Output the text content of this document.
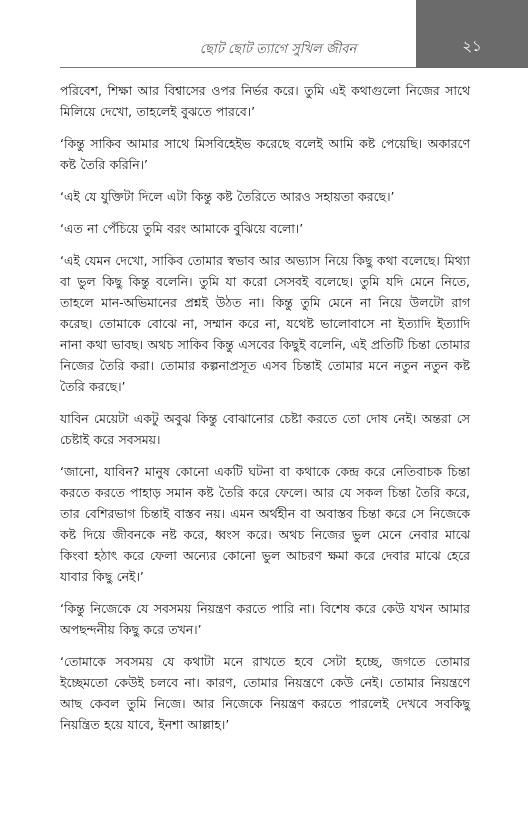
ছোট ছোট ত্যাগে সুখিল জীবন	২১

পরিবেশ, শিক্ষা আর বিশ্বাসের ওপর নির্ভর করে। তুমি এই কথাগুলো নিজের সাথে মিলিয়ে দেখো, তাহলেই বুঝতে পারবে।’

‘কিন্তু সাকিব আমার সাথে মিসবিহেইভ করেছে বলেই আমি কষ্ট পেয়েছি। অকারণে কষ্ট তৈরি করিনি।’

‘এই যে যুক্তিটা দিলে এটা কিন্তু কষ্ট তৈরিতে আরও সহায়তা করছে।’

‘এত না পেঁচিয়ে তুমি বরং আমাকে বুঝিয়ে বলো।’

‘এই যেমন দেখো, সাকিব তোমার স্বভাব আর অভ্যাস নিয়ে কিছু কথা বলেছে। মিথ্যা বা ভুল কিছু কিন্তু বলেনি। তুমি যা করো সেসবই বলেছে। তুমি যদি মেনে নিতে, তাহলে মান-অভিমানের প্রশ্নই উঠত না। কিন্তু তুমি মেনে না নিয়ে উলটো রাগ করেছ। তোমাকে বোঝে না, সম্মান করে না, যথেষ্ট ভালোবাসে না ইত্যাদি ইত্যাদি নানা কথা ভাবছ। অথচ সাকিব কিন্তু এসবের কিছুই বলেনি, এই প্রতিটি চিন্তা তোমার নিজের তৈরি করা। তোমার কল্পনাপ্রসূত এসব চিন্তাই তোমার মনে নতুন নতুন কষ্ট তৈরি করছে।’

যাবিন মেয়েটা একটু অবুঝ কিন্তু বোঝানোর চেষ্টা করতে তো দোষ নেই। অন্তরা সে চেষ্টাই করে সবসময়।

‘জানো, যাবিন? মানুষ কোনো একটি ঘটনা বা কথাকে কেন্দ্র করে নেতিবাচক চিন্তা করতে করতে পাহাড় সমান কষ্ট তৈরি করে ফেলে। আর যে সকল চিন্তা তৈরি করে, তার বেশিরভাগ চিন্তাই বাস্তব নয়। এমন অর্থহীন বা অবাস্তব চিন্তা করে সে নিজেকে কষ্ট দিয়ে জীবনকে নষ্ট করে, ধ্বংস করে। অথচ নিজের ভুল মেনে নেবার মাঝে কিংবা হঠাৎ করে ফেলা অন্যের কোনো ভুল আচরণ ক্ষমা করে দেবার মাঝে হেরে যাবার কিছু নেই।’

‘কিন্তু নিজেকে যে সবসময় নিয়ন্ত্রণ করতে পারি না। বিশেষ করে কেউ যখন আমার অপছন্দনীয় কিছু করে তখন।’

‘তোমাকে সবসময় যে কথাটা মনে রাখতে হবে সেটা হচ্ছে, জগতে তোমার ইচ্ছেমতো কেউই চলবে না। কারণ, তোমার নিয়ন্ত্রণে কেউ নেই। তোমার নিয়ন্ত্রণে আছ কেবল তুমি নিজে। আর নিজেকে নিয়ন্ত্রণ করতে পারলেই দেখবে সবকিছু নিয়ন্ত্রিত হয়ে যাবে, ইনশা আল্লাহ।’
